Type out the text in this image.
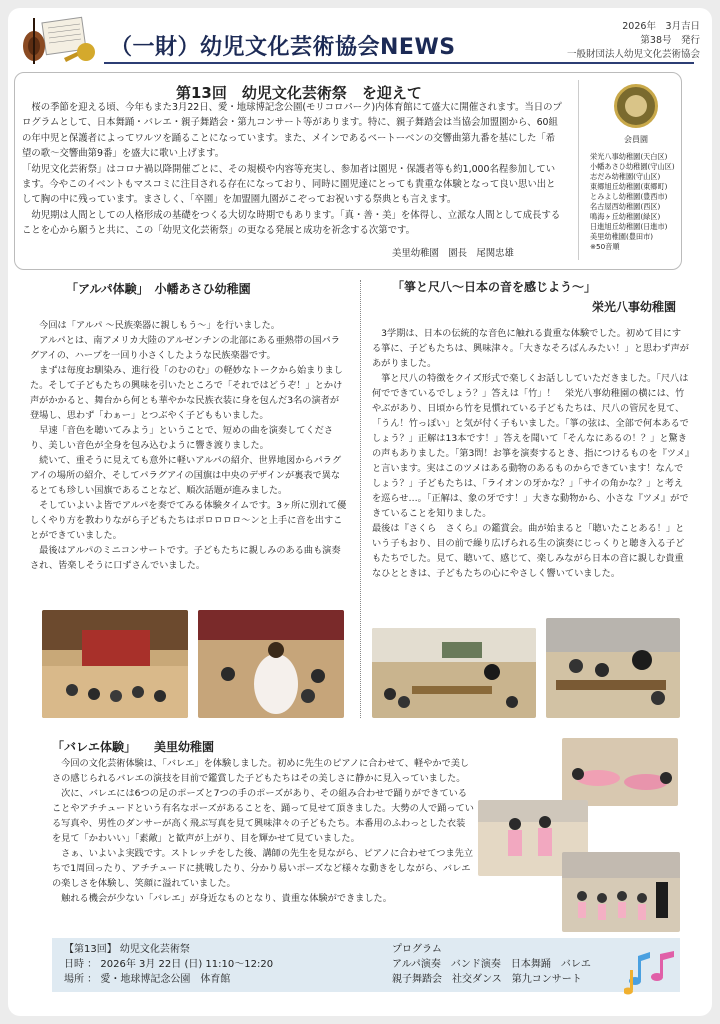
（一財）幼児文化芸術協会NEWS
2026年　3月吉日
第38号　発行
一般財団法人幼児文化芸術協会
第13回　幼児文化芸術祭　を迎えて

　桜の季節を迎える頃、今年もまた3月22日、愛・地球博記念公園(モリコロパーク)内体育館にて盛大に開催されます。当日のプログラムとして、日本舞踊・バレエ・親子舞踏会・第九コンサート等があります。特に、親子舞踏会は当協会加盟園から、60組の年中児と保護者によってワルツを踊ることになっています。また、メインであるベートーベンの交響曲第九番を基にした「希望の歌～交響曲第9番」を盛大に歌い上げます。

「幼児文化芸術祭」はコロナ禍以降開催ごとに、その規模や内容等充実し、参加者は園児・保護者等も約1,000名程参加しています。今やこのイベントもマスコミに注目される存在になっており、同時に園児達にとっても貴重な体験となって良い思い出として胸の中に残っています。まさしく、「卒園」を加盟園九園がこぞってお祝いする祭典とも言えます。

　幼児期は人間としての人格形成の基礎をつくる大切な時期でもあります。「真・善・美」を体得し、立派な人間として成長することを心から願うと共に、この「幼児文化芸術祭」の更なる発展と成功を祈念する次第です。

美里幼稚園　園長　尾関忠雄
会員園
栄光八事幼稚園(天白区)
小幡あさひ幼稚園(守山区)
志だみ幼稚園(守山区)
東郷旭丘幼稚園(東郷町)
とみよし幼稚園(豊西市)
名古屋西幼稚園(西区)
鳴海ヶ丘幼稚園(緑区)
日進旭丘幼稚園(日進市)
美里幼稚園(豊田市)
※50音順
「アルパ体験」　小幡あさひ幼稚園

　今回は「アルパ ～民族楽器に親しもう～」を行いました。

　アルパとは、南アメリカ大陸のアルゼンチンの北部にある亜熱帯の国パラグアイの、ハープを一回り小さくしたような民族楽器です。

　まずは毎度お馴染み、進行役「のむのむ」の軽妙なトークから始まりました。そして子どもたちの興味を引いたところで「それではどうぞ！」とかけ声がかかると、舞台から何とも華やかな民族衣装に身を包んだ3名の演者が登場し、思わず「わぁー」とつぶやく子どももいました。

　早速「音色を聴いてみよう」ということで、短めの曲を演奏してくださり、美しい音色が全身を包み込むように響き渡りました。

　続いて、重そうに見えても意外に軽いアルパの紹介、世界地図からパラグアイの場所の紹介、そしてパラグアイの国旗は中央のデザインが裏表で異なるとても珍しい国旗であることなど、順次話題が進みました。

　そしていよいよ皆でアルパを奏でてみる体験タイムです。3ヶ所に別れて優しくやり方を教わりながら子どもたちはポロロロロ～ンと上手に音を出すことができていました。

　最後はアルパのミニコンサートです。子どもたちに親しみのある曲も演奏され、皆楽しそうに口ずさんでいました。

「箏と尺八～日本の音を感じよう～」
栄光八事幼稚園

　3学期は、日本の伝統的な音色に触れる貴重な体験でした。初めて目にする箏に、子どもたちは、興味津々。「大きなそろばんみたい！」と思わず声があがりました。

　箏と尺八の特徴をクイズ形式で楽しくお話ししていただきました。「尺八は何でできているでしょう？」答えは「竹」！　栄光八事幼稚園の横には、竹やぶがあり、日頃から竹を見慣れている子どもたちは、尺八の管尻を見て、「うん！竹っぽい」と気が付く子もいました。「箏の弦は、全部で何本あるでしょう？」正解は13本です！」答えを聞いて「そんなにあるの！？」と驚きの声もありました。「第3問！お箏を演奏するとき、指につけるものを『ツメ』と言います。実はこのツメはある動物のあるものからできています！なんでしょう？」子どもたちは、「ライオンの牙かな？」「サイの角かな？」と考えを巡らせ…。「正解は、象の牙です！」大きな動物から、小さな『ツメ』ができていることを知りました。

最後は『さくら　さくら』の鑑賞会。曲が始まると「聴いたことある！」という子もおり、目の前で繰り広げられる生の演奏にじっくりと聴き入る子どもたちでした。見て、聴いて、感じて、楽しみながら日本の音に親しむ貴重なひとときは、子どもたちの心にやさしく響いていました。

「バレエ体験」　　美里幼稚園

　今回の文化芸術体験は、「バレエ」を体験しました。初めに先生のピアノに合わせて、軽やかで美しさの感じられるバレエの演技を目前で鑑賞した子どもたちはその美しさに静かに見入っていました。

　次に、バレエには6つの足のポーズと7つの手のポーズがあり、その組み合わせで踊りができていることやアチチュードという有名なポーズがあることを、踊って見せて頂きました。大勢の人で踊っている写真や、男性のダンサーが高く飛ぶ写真を見て興味津々の子どもたち。本番用のふわっとした衣装を見て「かわいい」「素敵」と歓声が上がり、目を輝かせて見ていました。

　さぁ、いよいよ実践です。ストレッチをした後、講師の先生を見ながら、ピアノに合わせてつま先立ちで1周回ったり、アチチュードに挑戦したり、分かり易いポーズなど様々な動きをしながら、バレエの楽しさを体験し、笑顔に溢れていました。

　触れる機会が少ない「バレエ」が身近なものとなり、貴重な体験ができました。

【第13回】 幼児文化芸術祭
日時 ： 2026年 3月 22日 (日) 11:10～12:20
場所 ： 愛・地球博記念公園　体育館
プログラム
アルパ演奏　バンド演奏　日本舞踊　バレエ
親子舞踏会　社交ダンス　第九コンサート
